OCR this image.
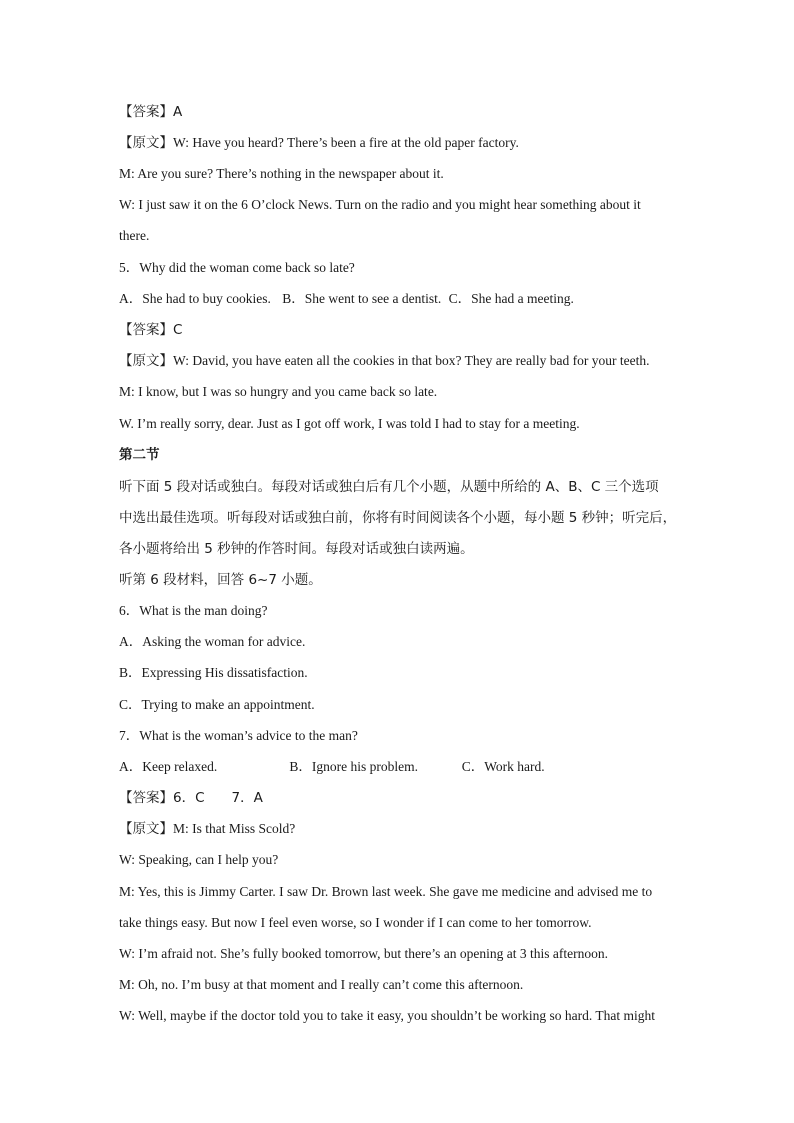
【答案】A
【原文】W: Have you heard? There’s been a fire at the old paper factory.
M: Are you sure? There’s nothing in the newspaper about it.
W: I just saw it on the 6 O’clock News. Turn on the radio and you might hear something about it
there.
5．Why did the woman come back so late?
A．She had to buy cookies. B．She went to see a dentist. C．She had a meeting.
【答案】C
【原文】W: David, you have eaten all the cookies in that box? They are really bad for your teeth.
M: I know, but I was so hungry and you came back so late.
W. I’m really sorry, dear. Just as I got off work, I was told I had to stay for a meeting.
第二节
听下面 5 段对话或独白。每段对话或独白后有几个小题，从题中所给的 A、B、C 三个选项
中选出最佳选项。听每段对话或独白前，你将有时间阅读各个小题，每小题 5 秒钟；听完后，
各小题将给出 5 秒钟的作答时间。每段对话或独白读两遍。
听第 6 段材料，回答 6~7 小题。
6．What is the man doing?
A．Asking the woman for advice.
B．Expressing His dissatisfaction.
C．Trying to make an appointment.
7．What is the woman’s advice to the man?
A．Keep relaxed.	B．Ignore his problem.	C．Work hard.
【答案】6．C　　7．A
【原文】M: Is that Miss Scold?
W: Speaking, can I help you?
M: Yes, this is Jimmy Carter. I saw Dr. Brown last week. She gave me medicine and advised me to
take things easy. But now I feel even worse, so I wonder if I can come to her tomorrow.
W: I’m afraid not. She’s fully booked tomorrow, but there’s an opening at 3 this afternoon.
M: Oh, no. I’m busy at that moment and I really can’t come this afternoon.
W: Well, maybe if the doctor told you to take it easy, you shouldn’t be working so hard. That might
